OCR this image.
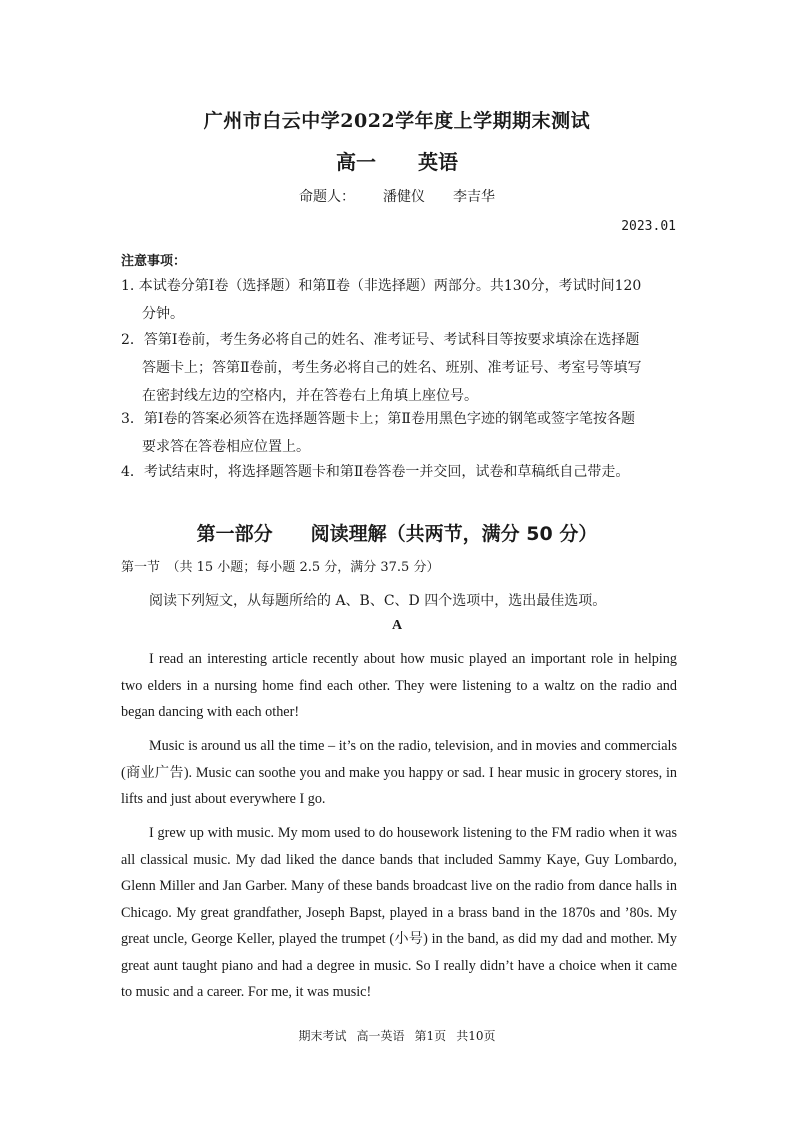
广州市白云中学2022学年度上学期期末测试
高一 英语
命题人： 潘健仪 李吉华
2023.01
注意事项：
1. 本试卷分第Ⅰ卷（选择题）和第Ⅱ卷（非选择题）两部分。共130分，考试时间120
分钟。
2．答第Ⅰ卷前，考生务必将自己的姓名、准考证号、考试科目等按要求填涂在选择题
答题卡上；答第Ⅱ卷前，考生务必将自己的姓名、班别、准考证号、考室号等填写
在密封线左边的空格内，并在答卷右上角填上座位号。
3．第Ⅰ卷的答案必须答在选择题答题卡上；第Ⅱ卷用黑色字迹的钢笔或签字笔按各题
要求答在答卷相应位置上。
4．考试结束时，将选择题答题卡和第Ⅱ卷答卷一并交回，试卷和草稿纸自己带走。
第一部分　　阅读理解（共两节，满分 50 分）
第一节　（共 15 小题；每小题 2.5 分，满分 37.5 分）
阅读下列短文，从每题所给的 A、B、C、D 四个选项中，选出最佳选项。
A
I read an interesting article recently about how music played an important role in helping two elders in a nursing home find each other. They were listening to a waltz on the radio and began dancing with each other!
Music is around us all the time – it’s on the radio, television, and in movies and commercials (商业广告). Music can soothe you and make you happy or sad. I hear music in grocery stores, in lifts and just about everywhere I go.
I grew up with music. My mom used to do housework listening to the FM radio when it was all classical music. My dad liked the dance bands that included Sammy Kaye, Guy Lombardo, Glenn Miller and Jan Garber. Many of these bands broadcast live on the radio from dance halls in Chicago. My great grandfather, Joseph Bapst, played in a brass band in the 1870s and ’80s. My great uncle, George Keller, played the trumpet (小号) in the band, as did my dad and mother. My great aunt taught piano and had a degree in music. So I really didn’t have a choice when it came to music and a career. For me, it was music!
期末考试 高一英语 第1页 共10页
